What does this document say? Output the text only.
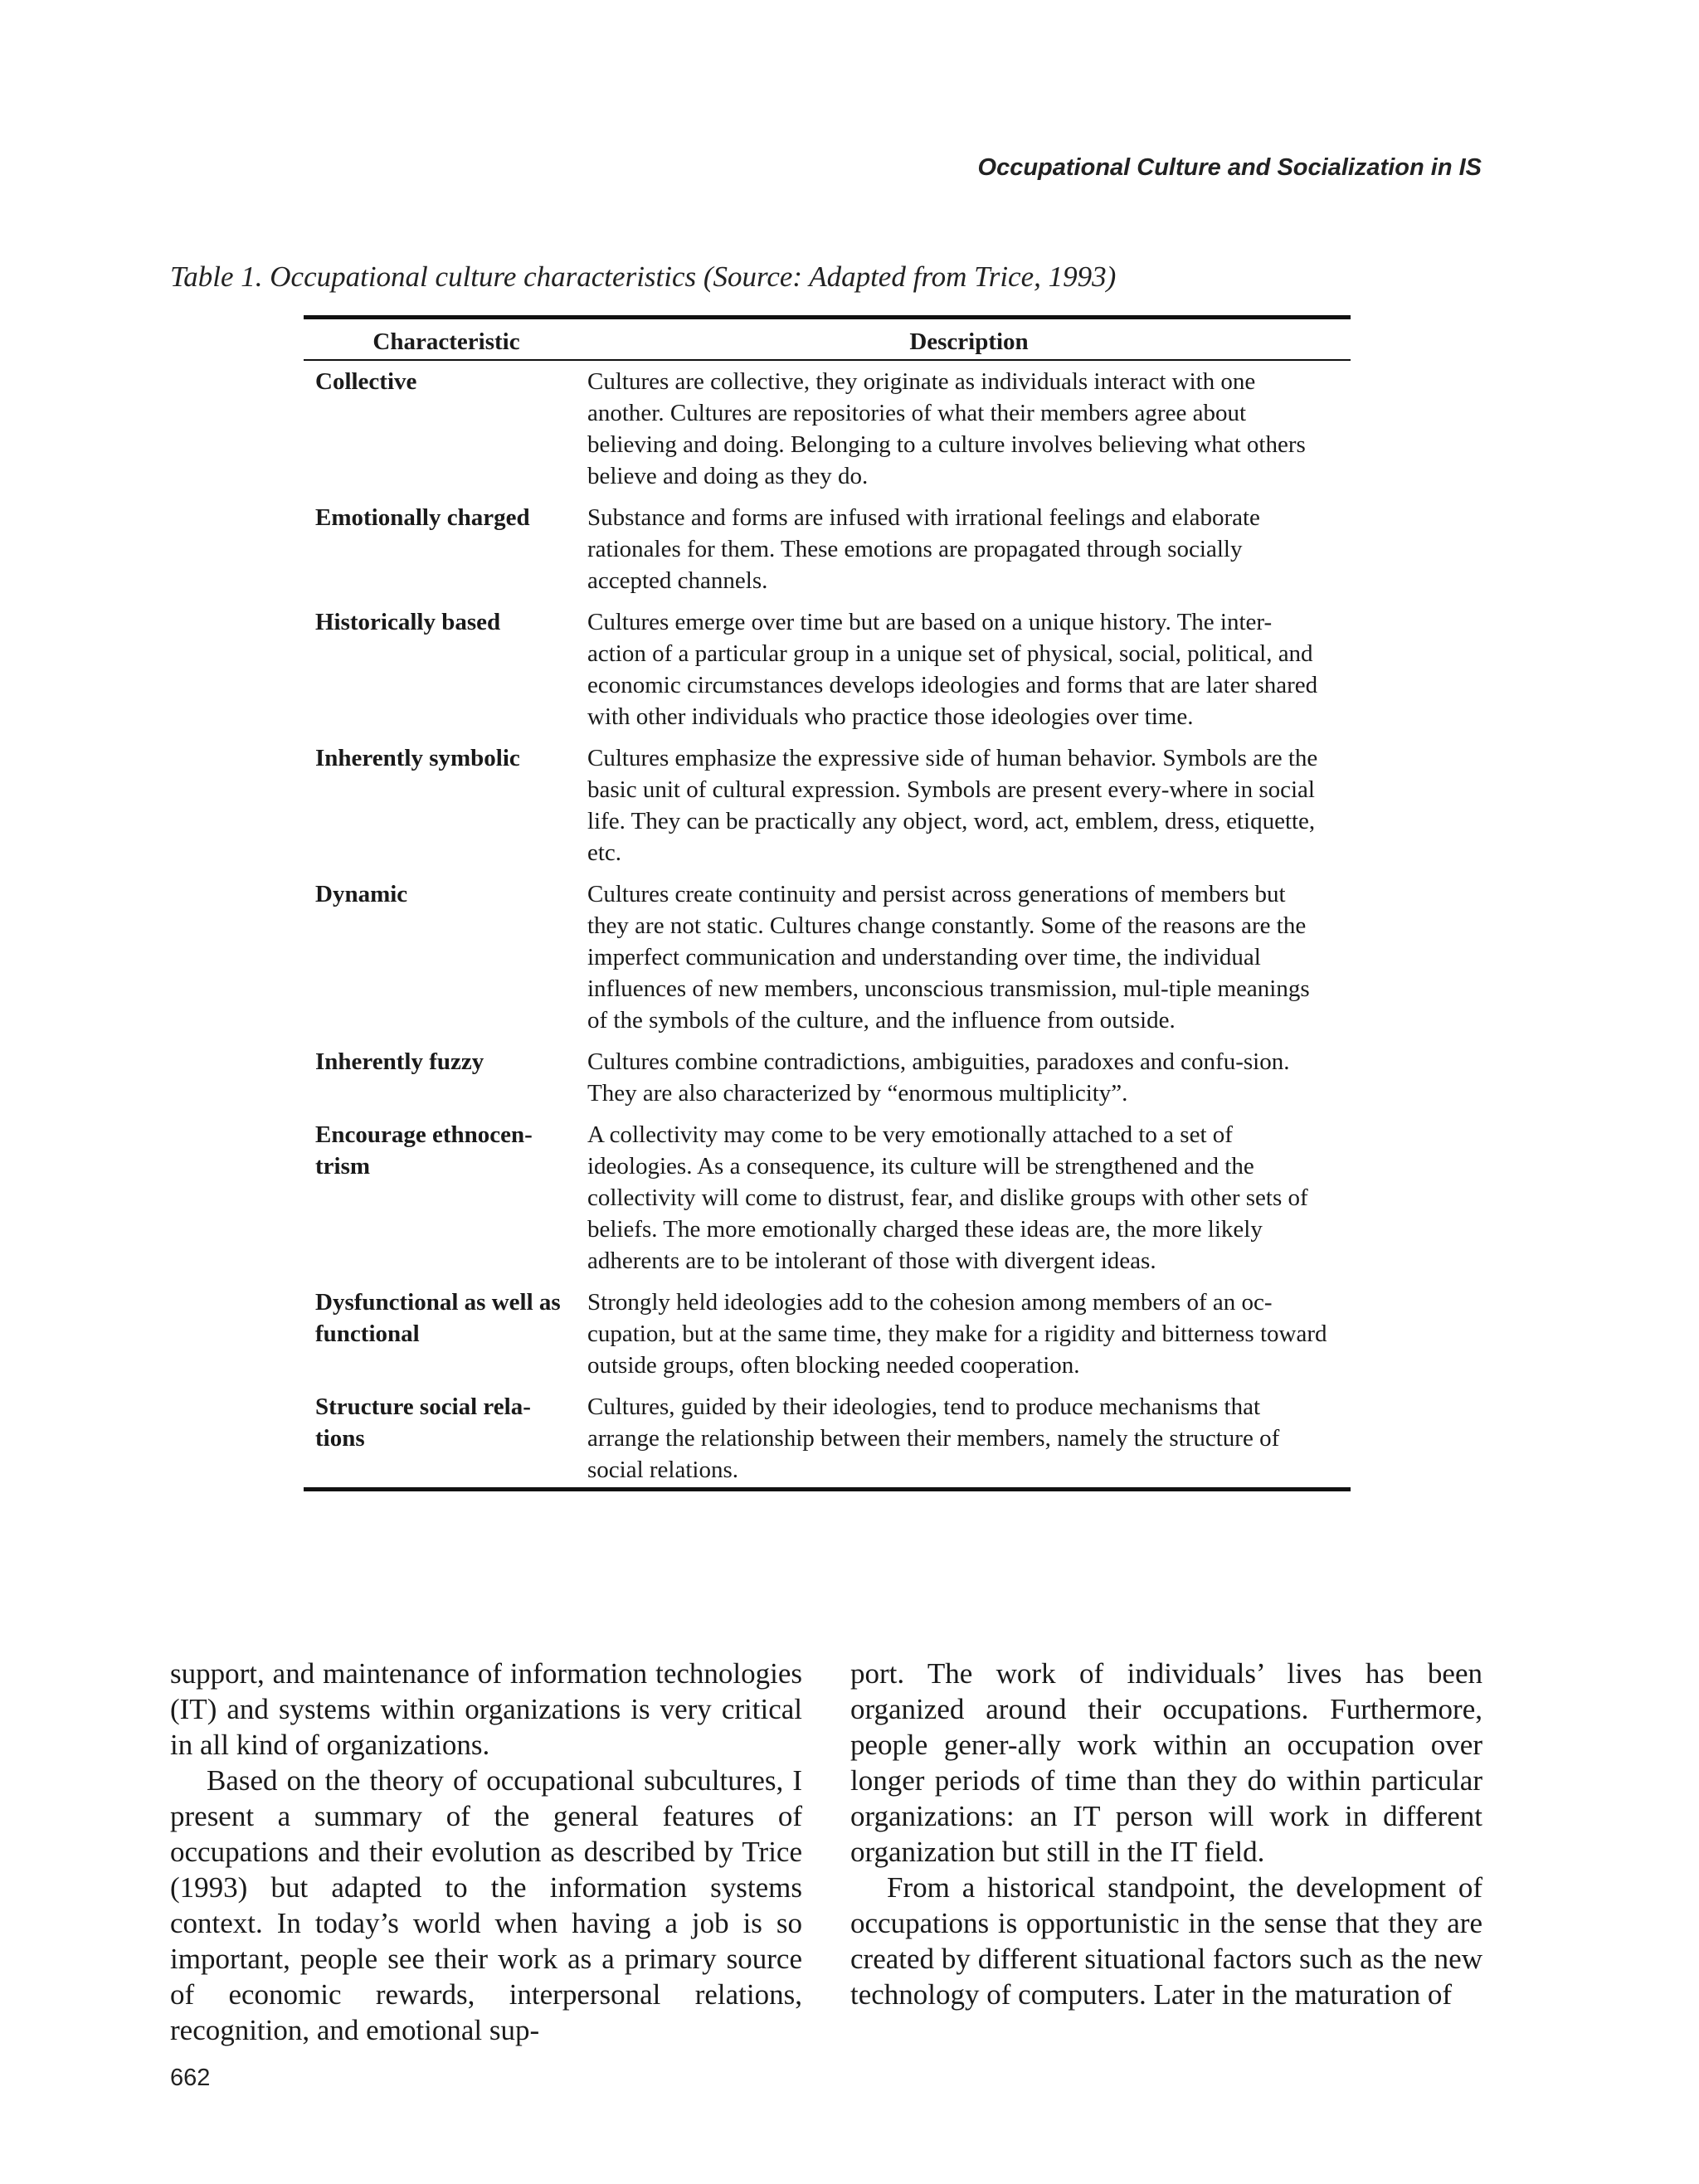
Occupational Culture and Socialization in IS

Table 1. Occupational culture characteristics (Source: Adapted from Trice, 1993)

Characteristic	Description
Collective	Cultures are collective, they originate as individuals interact with one another. Cultures are repositories of what their members agree about believing and doing. Belonging to a culture involves believing what others believe and doing as they do.
Emotionally charged	Substance and forms are infused with irrational feelings and elaborate rationales for them. These emotions are propagated through socially accepted channels.
Historically based	Cultures emerge over time but are based on a unique history. The inter-action of a particular group in a unique set of physical, social, political, and economic circumstances develops ideologies and forms that are later shared with other individuals who practice those ideologies over time.
Inherently symbolic	Cultures emphasize the expressive side of human behavior. Symbols are the basic unit of cultural expression. Symbols are present every-where in social life. They can be practically any object, word, act, emblem, dress, etiquette, etc.
Dynamic	Cultures create continuity and persist across generations of members but they are not static. Cultures change constantly. Some of the reasons are the imperfect communication and understanding over time, the individual influences of new members, unconscious transmission, mul-tiple meanings of the symbols of the culture, and the influence from outside.
Inherently fuzzy	Cultures combine contradictions, ambiguities, paradoxes and confu-sion. They are also characterized by “enormous multiplicity”.
Encourage ethnocen-trism	A collectivity may come to be very emotionally attached to a set of ideologies. As a consequence, its culture will be strengthened and the collectivity will come to distrust, fear, and dislike groups with other sets of beliefs. The more emotionally charged these ideas are, the more likely adherents are to be intolerant of those with divergent ideas.
Dysfunctional as well as functional	Strongly held ideologies add to the cohesion among members of an oc-cupation, but at the same time, they make for a rigidity and bitterness toward outside groups, often blocking needed cooperation.
Structure social rela-tions	Cultures, guided by their ideologies, tend to produce mechanisms that arrange the relationship between their members, namely the structure of social relations.

support, and maintenance of information technologies (IT) and systems within organizations is very critical in all kind of organizations.

Based on the theory of occupational subcultures, I present a summary of the general features of occupations and their evolution as described by Trice (1993) but adapted to the information systems context. In today’s world when having a job is so important, people see their work as a primary source of economic rewards, interpersonal relations, recognition, and emotional sup-

port. The work of individuals’ lives has been organized around their occupations. Furthermore, people gener-ally work within an occupation over longer periods of time than they do within particular organizations: an IT person will work in different organization but still in the IT field.

From a historical standpoint, the development of occupations is opportunistic in the sense that they are created by different situational factors such as the new technology of computers. Later in the maturation of

662
